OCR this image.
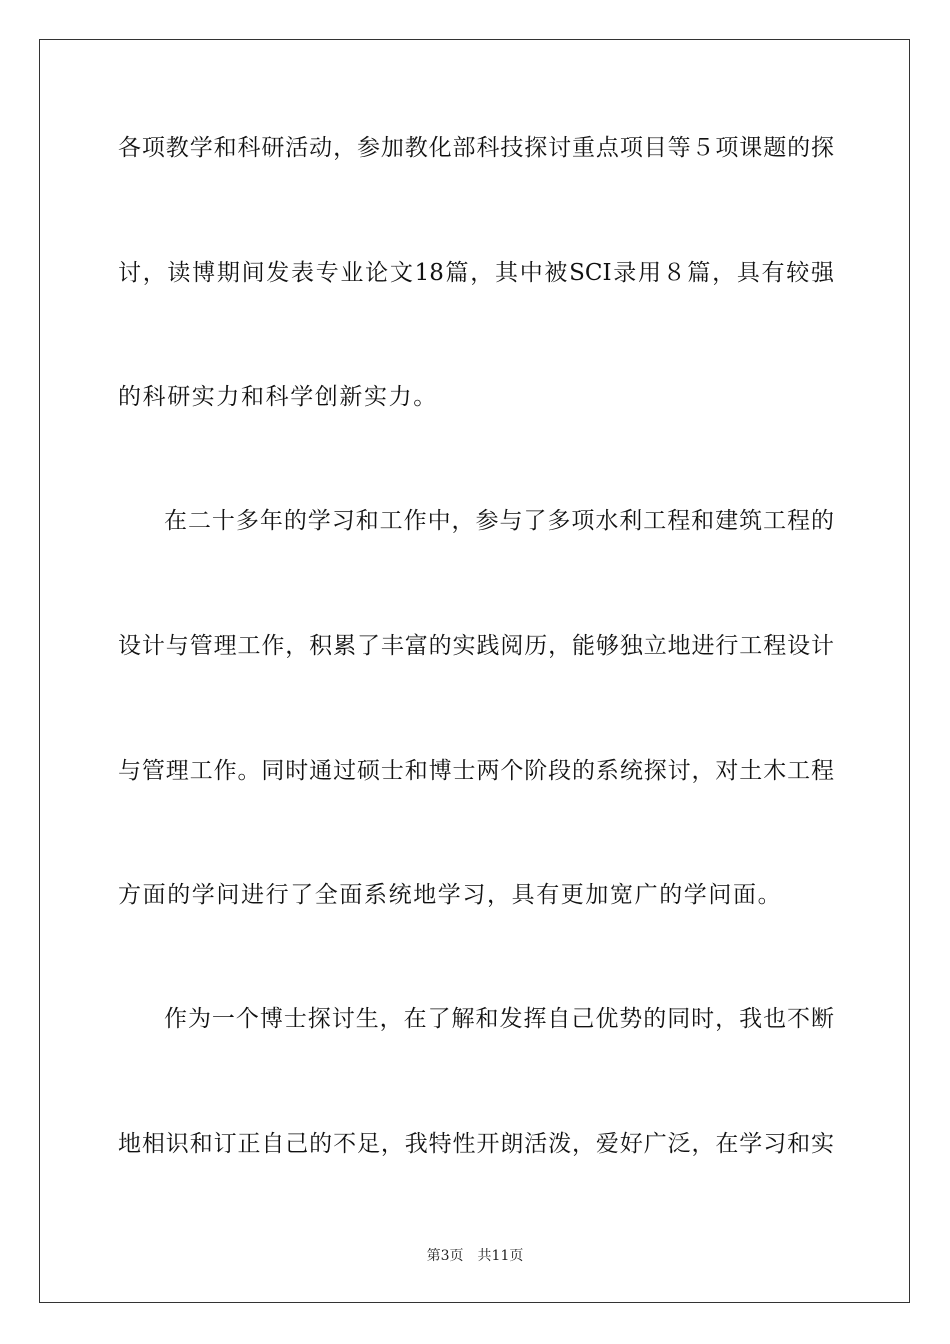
各项教学和科研活动，参加教化部科技探讨重点项目等５项课题的探
讨，读博期间发表专业论文18篇，其中被SCI录用８篇，具有较强
的科研实力和科学创新实力。
在二十多年的学习和工作中，参与了多项水利工程和建筑工程的
设计与管理工作，积累了丰富的实践阅历，能够独立地进行工程设计
与管理工作。同时通过硕士和博士两个阶段的系统探讨，对土木工程
方面的学问进行了全面系统地学习，具有更加宽广的学问面。
作为一个博士探讨生，在了解和发挥自己优势的同时，我也不断
地相识和订正自己的不足，我特性开朗活泼，爱好广泛，在学习和实
第3页 共11页
